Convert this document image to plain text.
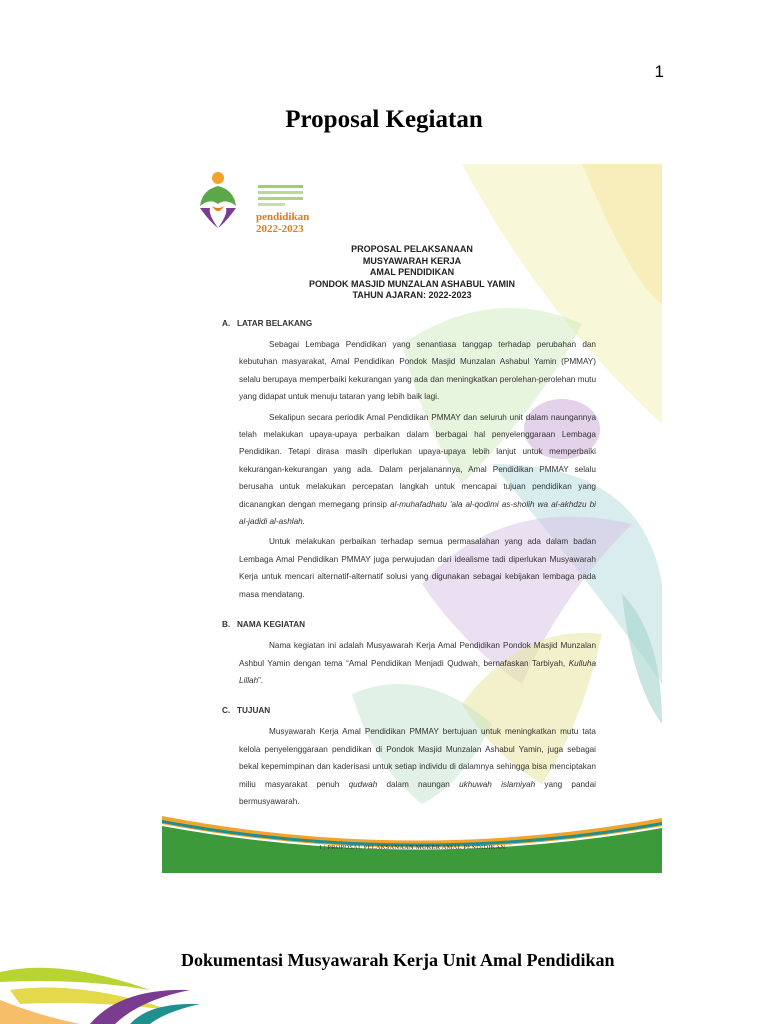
1
Proposal Kegiatan
pendidikan
2022-2023
PROPOSAL PELAKSANAAN
MUSYAWARAH KERJA
AMAL PENDIDIKAN
PONDOK MASJID MUNZALAN ASHABUL YAMIN
TAHUN AJARAN: 2022-2023
A. LATAR BELAKANG

Sebagai Lembaga Pendidikan yang senantiasa tanggap terhadap perubahan dan kebutuhan masyarakat, Amal Pendidikan Pondok Masjid Munzalan Ashabul Yamin (PMMAY) selalu berupaya memperbaiki kekurangan yang ada dan meningkatkan perolehan-perolehan mutu yang didapat untuk menuju tataran yang lebih baik lagi.

Sekalipun secara periodik Amal Pendidikan PMMAY dan seluruh unit dalam naungannya telah melakukan upaya-upaya perbaikan dalam berbagai hal penyelenggaraan Lembaga Pendidikan. Tetapi dirasa masih diperlukan upaya-upaya lebih lanjut untuk memperbaiki kekurangan-kekurangan yang ada. Dalam perjalanannya, Amal Pendidikan PMMAY selalu berusaha untuk melakukan percepatan langkah untuk mencapai tujuan pendidikan yang dicanangkan dengan memegang prinsip al-muhafadhatu 'ala al-qodimi as-sholih wa al-akhdzu bi al-jadidi al-ashlah.

Untuk melakukan perbaikan terhadap semua permasalahan yang ada dalam badan Lembaga Amal Pendidikan PMMAY juga perwujudan dari idealisme tadi diperlukan Musyawarah Kerja untuk mencari alternatif-alternatif solusi yang digunakan sebagai kebijakan lembaga pada masa mendatang.

B. NAMA KEGIATAN

Nama kegiatan ini adalah Musyawarah Kerja Amal Pendidikan Pondok Masjid Munzalan Ashbul Yamin dengan tema “Amal Pendidikan Menjadi Qudwah, bernafaskan Tarbiyah, Kulluha Lillah”.

C. TUJUAN

Musyawarah Kerja Amal Pendidikan PMMAY bertujuan untuk meningkatkan mutu tata kelola penyelenggaraan pendidikan di Pondok Masjid Munzalan Ashabul Yamin, juga sebagai bekal kepemimpinan dan kaderisasi untuk setiap individu di dalamnya sehingga bisa menciptakan miliu masyarakat penuh qudwah dalam naungan ukhuwah islamiyah yang pandai bermusyawarah.

1 | PROPOSAL PELAKSANAAN MUKER AMAL PENDIDIKAN
Dokumentasi Musyawarah Kerja Unit Amal Pendidikan
